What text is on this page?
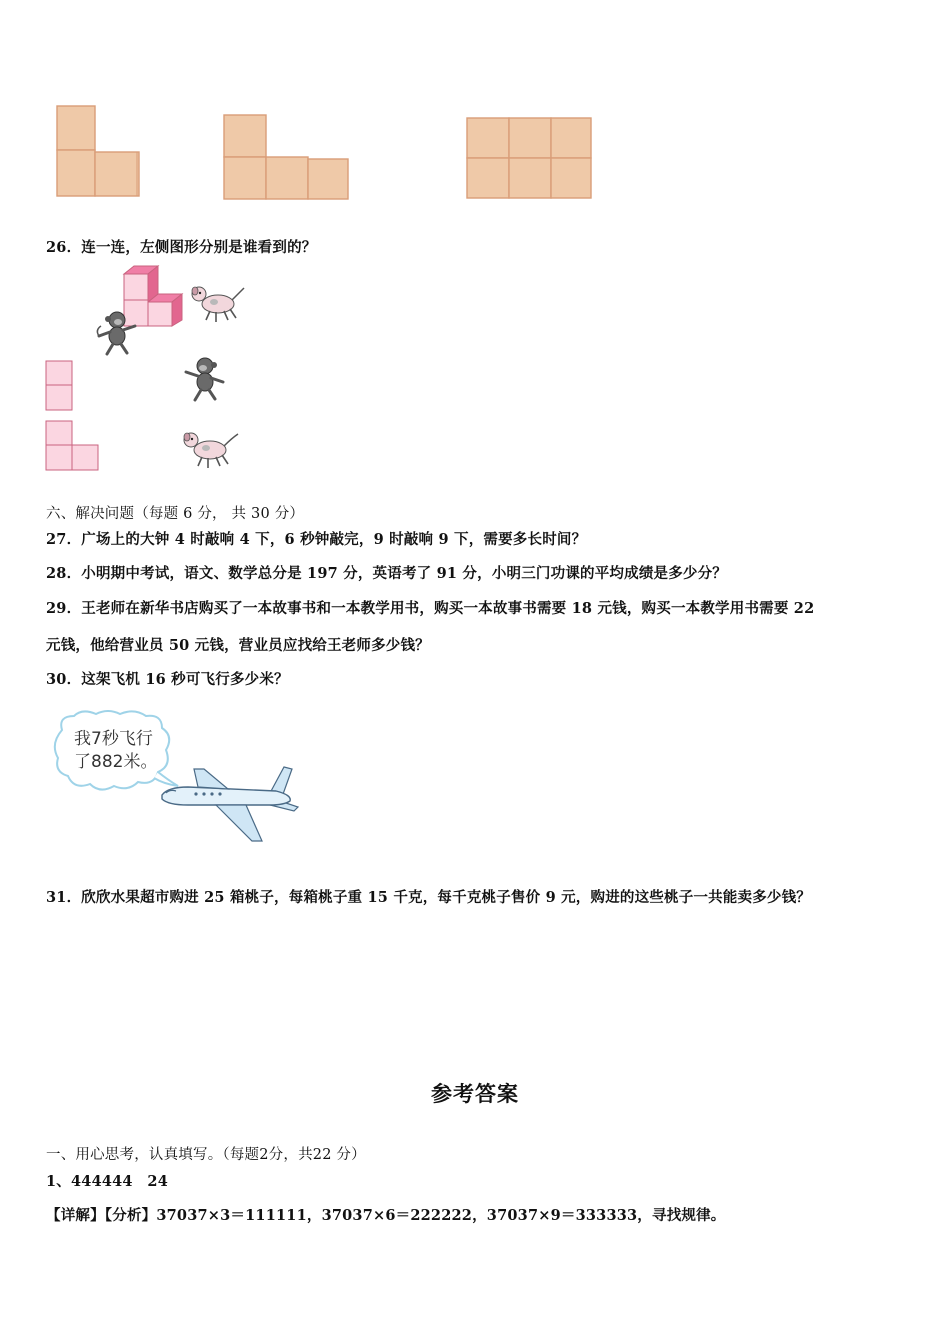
26．连一连，左侧图形分别是谁看到的？
六、解决问题（每题 6 分， 共 30 分）
27．广场上的大钟 4 时敲响 4 下，6 秒钟敲完，9 时敲响 9 下，需要多长时间？
28．小明期中考试，语文、数学总分是 197 分，英语考了 91 分，小明三门功课的平均成绩是多少分？
29．王老师在新华书店购买了一本故事书和一本教学用书，购买一本故事书需要 18 元钱，购买一本教学用书需要 22
元钱，他给营业员 50 元钱，营业员应找给王老师多少钱？
30．这架飞机 16 秒可飞行多少米？
我7秒飞行
了882米。
31．欣欣水果超市购进 25 箱桃子，每箱桃子重 15 千克，每千克桃子售价 9 元，购进的这些桃子一共能卖多少钱？
参考答案
一、用心思考，认真填写。（每题2分，共22 分）
1、444444　24
【详解】【分析】37037×3＝111111，37037×6＝222222，37037×9＝333333，寻找规律。
